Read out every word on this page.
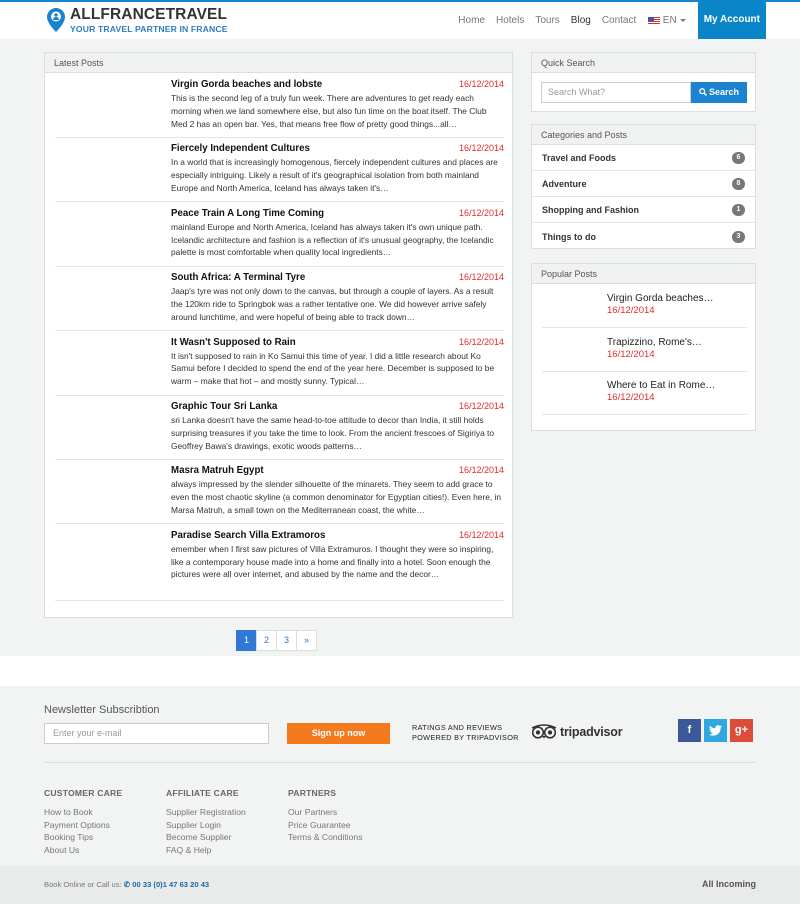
ALLFRANCETRAVEL
YOUR TRAVEL PARTNER IN FRANCE
Home	Hotels	Tours	Blog	Contact	EN	My Account
Latest Posts
Virgin Gorda beaches and lobste	16/12/2014
This is the second leg of a truly fun week. There are adventures to get ready each morning when we land somewhere else, but also fun time on the boat itself. The Club Med 2 has an open bar. Yes, that means free flow of pretty good things...all…
Fiercely Independent Cultures	16/12/2014
In a world that is increasingly homogenous, fiercely independent cultures and places are especially intriguing. Likely a result of it's geographical isolation from both mainland Europe and North America, Iceland has always taken it's…
Peace Train A Long Time Coming	16/12/2014
mainland Europe and North America, Iceland has always taken it's own unique path. Icelandic architecture and fashion is a reflection of it's unusual geography, the Icelandic palette is most comfortable when quality local ingredients…
South Africa: A Terminal Tyre	16/12/2014
Jaap's tyre was not only down to the canvas, but through a couple of layers. As a result the 120km ride to Springbok was a rather tentative one. We did however arrive safely around lunchtime, and were hopeful of being able to track down…
It Wasn't Supposed to Rain	16/12/2014
It isn't supposed to rain in Ko Samui this time of year. I did a little research about Ko Samui before I decided to spend the end of the year here. December is supposed to be warm – make that hot – and mostly sunny. Typical…
Graphic Tour Sri Lanka	16/12/2014
sri Lanka doesn't have the same head-to-toe attitude to decor than India, it still holds surprising treasures if you take the time to look. From the ancient frescoes of Sigiriya to Geoffrey Bawa's drawings, exotic woods patterns…
Masra Matruh Egypt	16/12/2014
always impressed by the slender silhouette of the minarets. They seem to add grace to even the most chaotic skyline (a common denominator for Egyptian cities!). Even here, in Marsa Matruh, a small town on the Mediterranean coast, the white…
Paradise Search Villa Extramoros	16/12/2014
emember when I first saw pictures of Villa Extramuros. I thought they were so inspiring, like a contemporary house made into a home and finally into a hotel. Soon enough the pictures were all over internet, and abused by the name and the decor…
1	2	3	»
Quick Search
Search What?	Search
Categories and Posts
Travel and Foods	6
Adventure	8
Shopping and Fashion	1
Things to do	3
Popular Posts
Virgin Gorda beaches…
16/12/2014
Trapizzino, Rome's…
16/12/2014
Where to Eat in Rome…
16/12/2014
Newsletter Subscribtion
Enter your e-mail	Sign up now
RATINGS AND REVIEWS
POWERED BY TRIPADVISOR	tripadvisor	f	g+
CUSTOMER CARE
How to Book
Payment Options
Booking Tips
About Us
AFFILIATE CARE
Supplier Registration
Supplier Login
Become Supplier
FAQ & Help
PARTNERS
Our Partners
Price Guarantee
Terms & Conditions
Book Online or Call us: ✆ 00 33 (0)1 47 63 20 43	All Incoming
